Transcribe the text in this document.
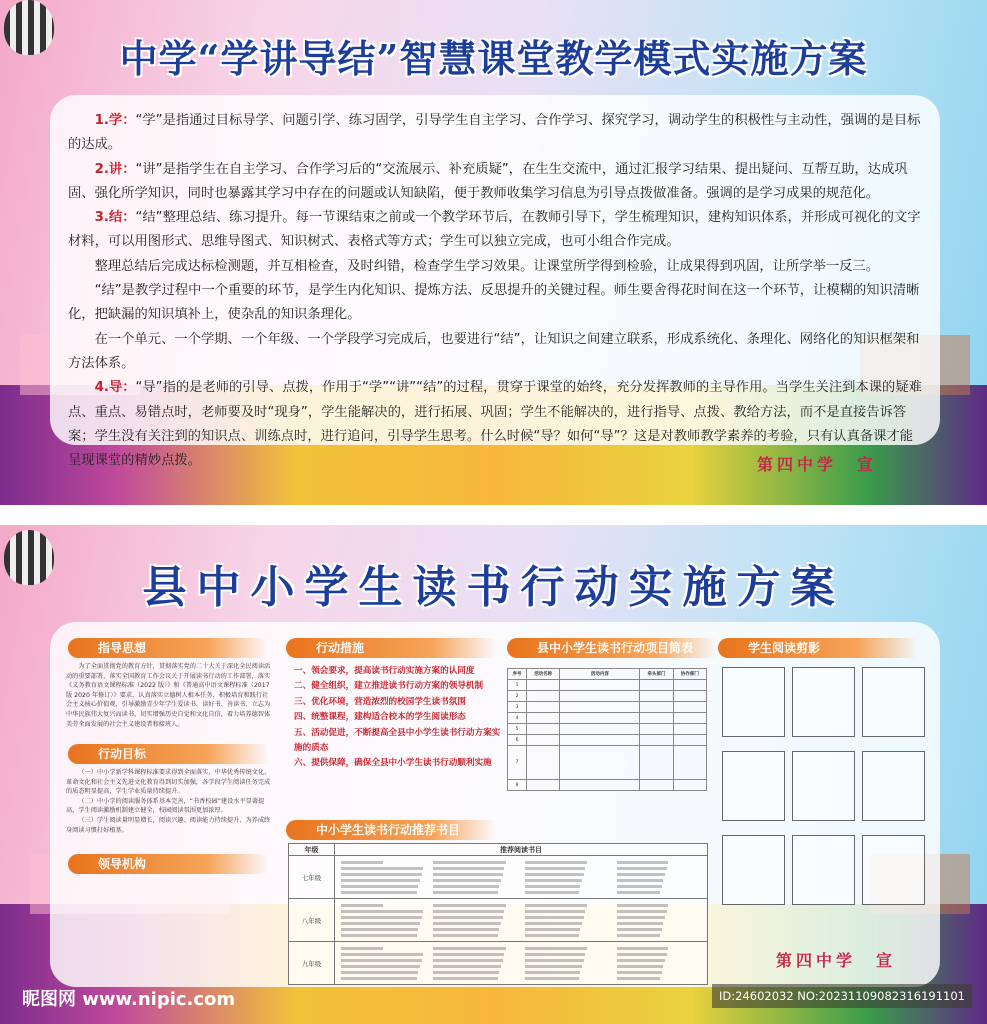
中学“学讲导结”智慧课堂教学模式实施方案

1.学：“学”是指通过目标导学、问题引学、练习固学，引导学生自主学习、合作学习、探究学习，调动学生的积极性与主动性，强调的是目标的达成。

2.讲：“讲”是指学生在自主学习、合作学习后的“交流展示、补充质疑”，在生生交流中，通过汇报学习结果、提出疑问、互帮互助，达成巩固、强化所学知识，同时也暴露其学习中存在的问题或认知缺陷，便于教师收集学习信息为引导点拨做准备。强调的是学习成果的规范化。

3.结：“结”整理总结、练习提升。每一节课结束之前或一个教学环节后，在教师引导下，学生梳理知识，建构知识体系，并形成可视化的文字材料，可以用图形式、思维导图式、知识树式、表格式等方式；学生可以独立完成，也可小组合作完成。

整理总结后完成达标检测题，并互相检查，及时纠错，检查学生学习效果。让课堂所学得到检验，让成果得到巩固，让所学举一反三。

“结”是教学过程中一个重要的环节，是学生内化知识、提炼方法、反思提升的关键过程。师生要舍得花时间在这一个环节，让模糊的知识清晰化，把缺漏的知识填补上，使杂乱的知识条理化。

在一个单元、一个学期、一个年级、一个学段学习完成后，也要进行“结”，让知识之间建立联系，形成系统化、条理化、网络化的知识框架和方法体系。

4.导：“导”指的是老师的引导、点拨，作用于“学”“讲”“结”的过程，贯穿于课堂的始终，充分发挥教师的主导作用。当学生关注到本课的疑难点、重点、易错点时，老师要及时“现身”，学生能解决的，进行拓展、巩固；学生不能解决的，进行指导、点拨、教给方法，而不是直接告诉答案；学生没有关注到的知识点、训练点时，进行追问，引导学生思考。什么时候“导？如何“导”？这是对教师教学素养的考验，只有认真备课才能呈现课堂的精妙点拨。	第四中学　宣
县中小学生读书行动实施方案
指导思想
为了全面贯彻党的教育方针，贯彻落实党的二十大关于深化全民阅读活动的重要部署，落实全国教育工作会议关于开展读书行动的工作部署，落实《义务教育语文课程标准（2022 版）》和《普通高中语文课程标准（2017 版 2020 年修订）》要求，认真落实立德树人根本任务，积极培育和践行社会主义核心价值观，引导激励青少年学生爱读书、读好书、善读书，立志为中华民族伟大复兴而读书，切实增强历史自觉和文化自信，着力培养德智体美劳全面发展的社会主义建设者和接班人。
行动目标
（一）中小学新学科课程标准要求得到全面落实，中华优秀传统文化、革命文化和社会主义先进文化教育得到切实加强，各学段学生阅读任务完成的质态明显提高，学生学业质量持续提升。
（二）中小学的阅读服务体系基本完善，“书香校园”建设水平显著提高，学生阅读激励机制建立健全，校园阅读氛围更加浓厚。
（三）学生阅读量明显增长，阅读兴趣、阅读能力持续提升，为养成终身阅读习惯打好根基。
领导机构
行动措施
一、领会要求，提高读书行动实施方案的认同度
二、健全组织，建立推进读书行动方案的领导机制
三、优化环境，营造浓烈的校园学生读书氛围
四、统整课程，建构适合校本的学生阅读形态
五、活动促进，不断提高全县中小学生读书行动方案实施的质态
六、提供保障，确保全县中小学生读书行动顺利实施
县中小学生读书行动项目简表
序号	活动名称	活动内容	牵头部门	协作部门
1				
2				
3				
4				
5				
6				
7				
8				
中小学生读书行动推荐书目
年级	推荐阅读书目
七年级	

八年级	

九年级	
学生阅读剪影
第四中学　宣
昵图网 www.nipic.com	ID:24602032 NO:20231109082316191101
